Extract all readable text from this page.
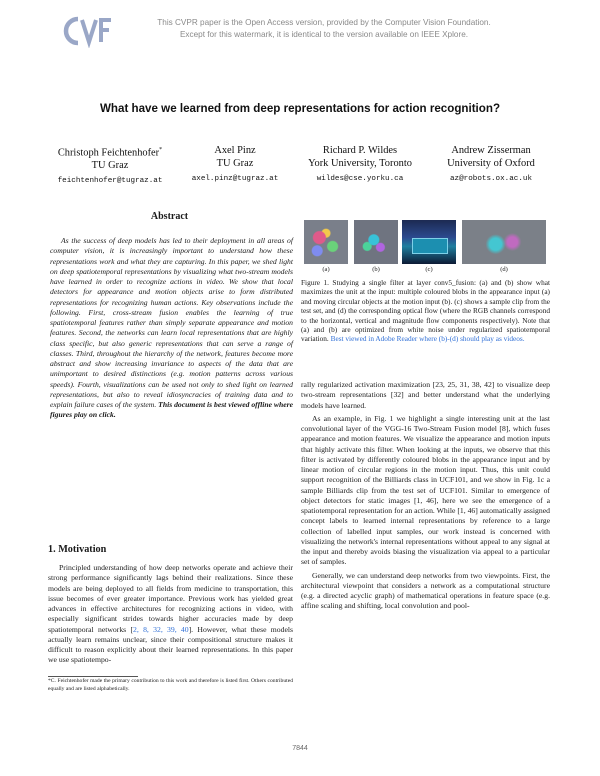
This CVPR paper is the Open Access version, provided by the Computer Vision Foundation.
Except for this watermark, it is identical to the version available on IEEE Xplore.
What have we learned from deep representations for action recognition?
Christoph Feichtenhofer*
TU Graz
feichtenhofer@tugraz.at
Axel Pinz
TU Graz
axel.pinz@tugraz.at
Richard P. Wildes
York University, Toronto
wildes@cse.yorku.ca
Andrew Zisserman
University of Oxford
az@robots.ox.ac.uk
Abstract

As the success of deep models has led to their deployment in all areas of computer vision, it is increasingly important to understand how these representations work and what they are capturing. In this paper, we shed light on deep spatiotemporal representations by visualizing what two-stream models have learned in order to recognize actions in video. We show that local detectors for appearance and motion objects arise to form distributed representations for recognizing human actions. Key observations include the following. First, cross-stream fusion enables the learning of true spatiotemporal features rather than simply separate appearance and motion features. Second, the networks can learn local representations that are highly class specific, but also generic representations that can serve a range of classes. Third, throughout the hierarchy of the network, features become more abstract and show increasing invariance to aspects of the data that are unimportant to desired distinctions (e.g. motion patterns across various speeds). Fourth, visualizations can be used not only to shed light on learned representations, but also to reveal idiosyncracies of training data and to explain failure cases of the system. This document is best viewed offline where figures play on click.

1. Motivation

Principled understanding of how deep networks operate and achieve their strong performance significantly lags behind their realizations. Since these models are being deployed to all fields from medicine to transportation, this issue becomes of ever greater importance. Previous work has yielded great advances in effective architectures for recognizing actions in video, with especially significant strides towards higher accuracies made by deep spatiotemporal networks [2, 8, 32, 39, 40]. However, what these models actually learn remains unclear, since their compositional structure makes it difficult to reason explicitly about their learned representations. In this paper we use spatiotempo-

*C. Feichtenhofer made the primary contribution to this work and therefore is listed first. Others contributed equally and are listed alphabetically.
(a)	(b)	(c)	(d)
Figure 1. Studying a single filter at layer conv5_fusion: (a) and (b) show what maximizes the unit at the input: multiple coloured blobs in the appearance input (a) and moving circular objects at the motion input (b). (c) shows a sample clip from the test set, and (d) the corresponding optical flow (where the RGB channels correspond to the horizontal, vertical and magnitude flow components respectively). Note that (a) and (b) are optimized from white noise under regularized spatiotemporal variation. Best viewed in Adobe Reader where (b)-(d) should play as videos.

rally regularized activation maximization [23, 25, 31, 38, 42] to visualize deep two-stream representations [32] and better understand what the underlying models have learned.

As an example, in Fig. 1 we highlight a single interesting unit at the last convolutional layer of the VGG-16 Two-Stream Fusion model [8], which fuses appearance and motion features. We visualize the appearance and motion inputs that highly activate this filter. When looking at the inputs, we observe that this filter is activated by differently coloured blobs in the appearance input and by linear motion of circular regions in the motion input. Thus, this unit could support recognition of the Billiards class in UCF101, and we show in Fig. 1c a sample Billiards clip from the test set of UCF101. Similar to emergence of object detectors for static images [1, 46], here we see the emergence of a spatiotemporal representation for an action. While [1, 46] automatically assigned concept labels to learned internal representations by reference to a large collection of labelled input samples, our work instead is concerned with visualizing the network's internal representations without appeal to any signal at the input and thereby avoids biasing the visualization via appeal to a particular set of samples.

Generally, we can understand deep networks from two viewpoints. First, the architectural viewpoint that considers a network as a computational structure (e.g. a directed acyclic graph) of mathematical operations in feature space (e.g. affine scaling and shifting, local convolution and pool-

7844
